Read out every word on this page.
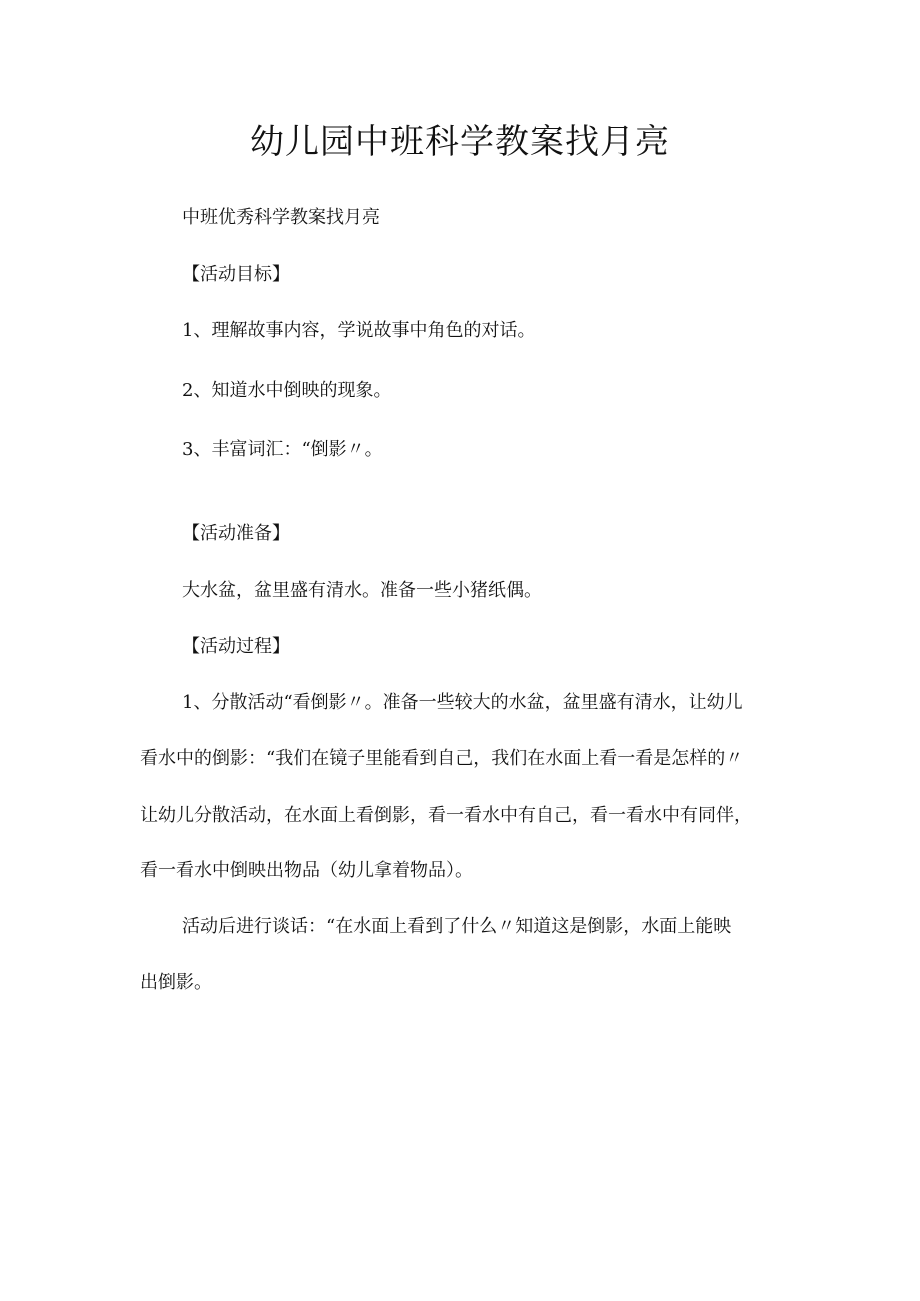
幼儿园中班科学教案找月亮
中班优秀科学教案找月亮
【活动目标】
1、理解故事内容，学说故事中角色的对话。
2、知道水中倒映的现象。
3、丰富词汇：“倒影〃。
【活动准备】
大水盆，盆里盛有清水。准备一些小猪纸偶。
【活动过程】
1、分散活动“看倒影〃。准备一些较大的水盆，盆里盛有清水，让幼儿
看水中的倒影：“我们在镜子里能看到自己，我们在水面上看一看是怎样的〃
让幼儿分散活动，在水面上看倒影，看一看水中有自己，看一看水中有同伴，
看一看水中倒映出物品（幼儿拿着物品）。
活动后进行谈话：“在水面上看到了什么〃知道这是倒影，水面上能映
出倒影。
